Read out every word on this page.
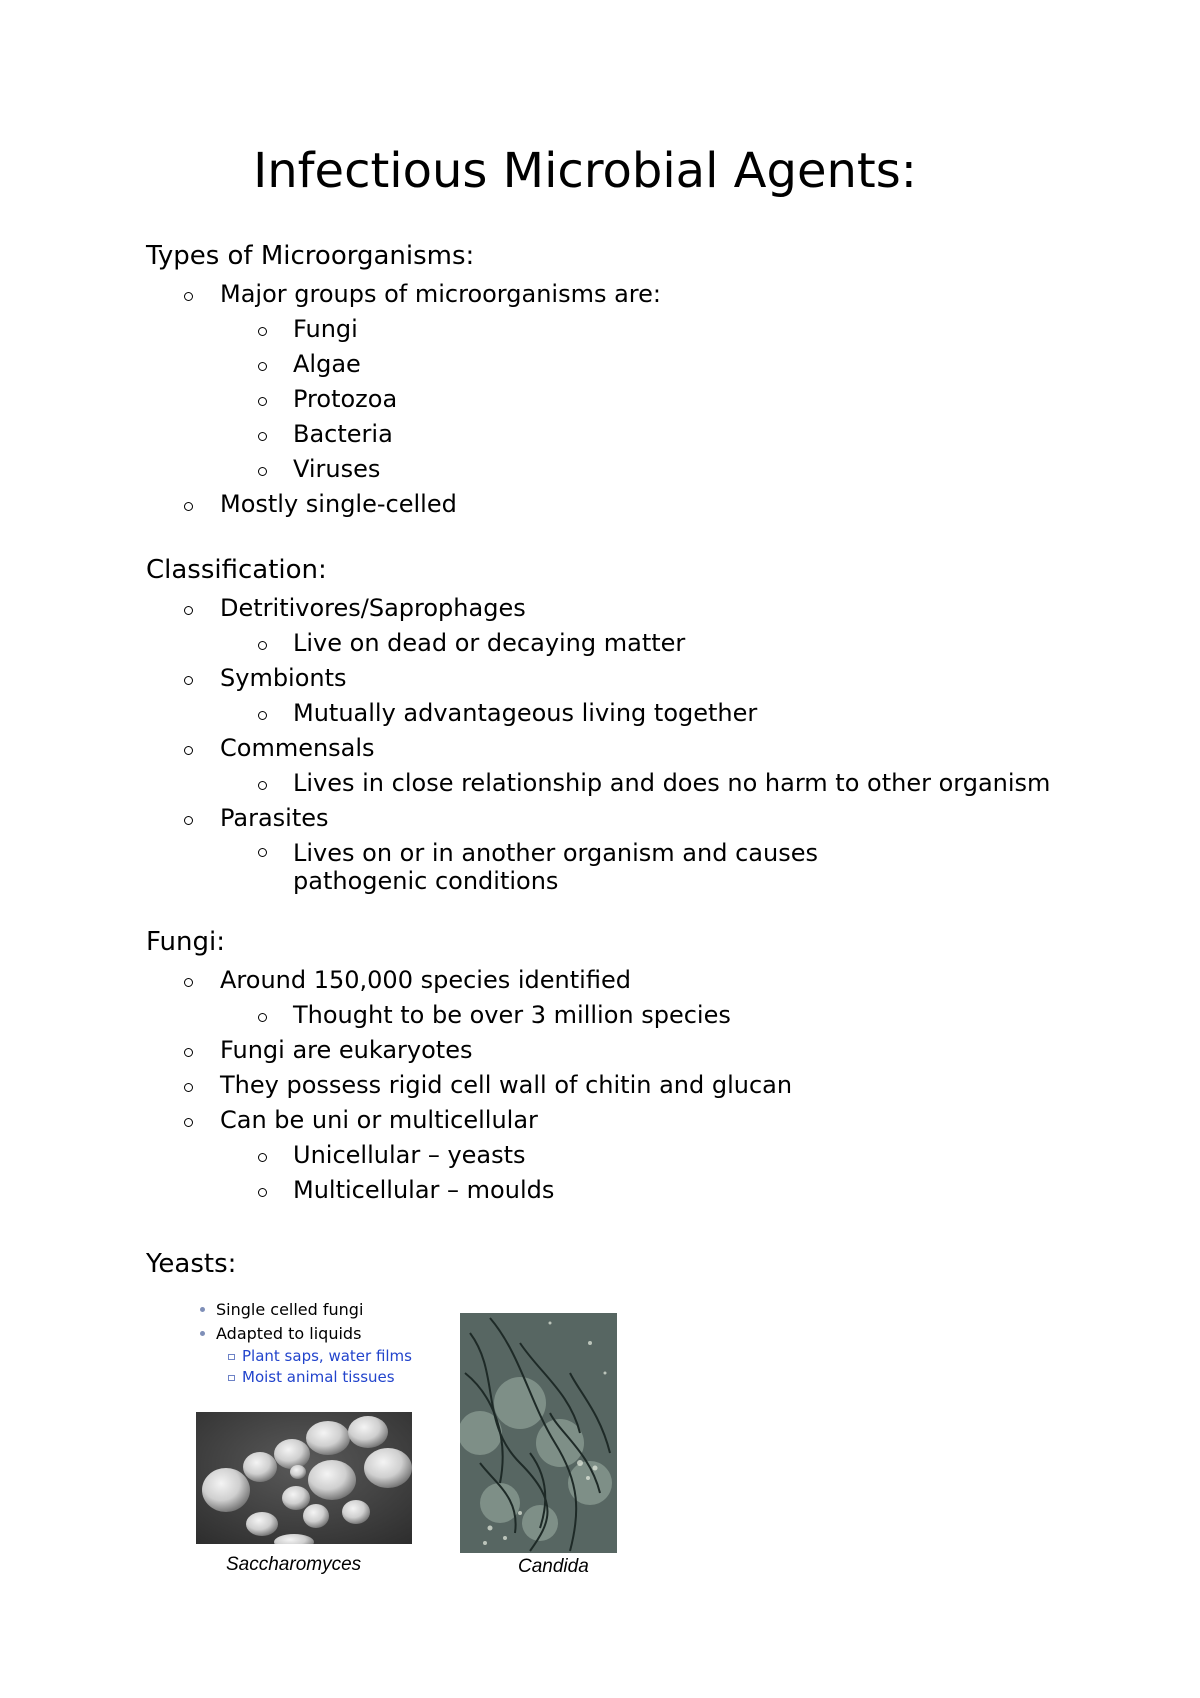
Infectious Microbial Agents:
Types of Microorganisms:
Major groups of microorganisms are:
Fungi
Algae
Protozoa
Bacteria
Viruses
Mostly single-celled
Classification:
Detritivores/Saprophages
Live on dead or decaying matter
Symbionts
Mutually advantageous living together
Commensals
Lives in close relationship and does no harm to other organism
Parasites
Lives on or in another organism and causes pathogenic conditions
Fungi:
Around 150,000 species identified
Thought to be over 3 million species
Fungi are eukaryotes
They possess rigid cell wall of chitin and glucan
Can be uni or multicellular
Unicellular – yeasts
Multicellular – moulds
Yeasts:
Single celled fungi
Adapted to liquids
Plant saps, water films
Moist animal tissues
Saccharomyces	Candida
